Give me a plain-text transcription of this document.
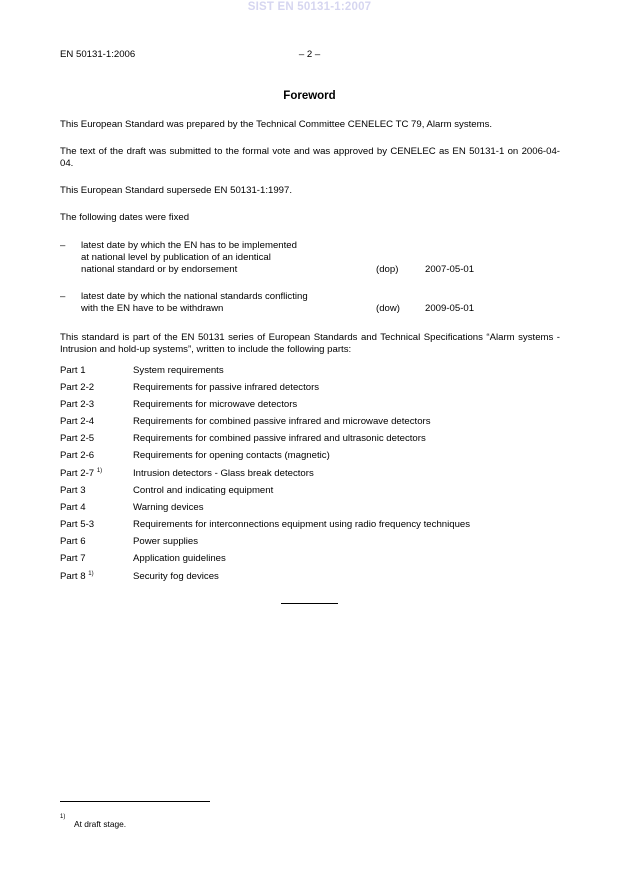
SIST EN 50131-1:2007
EN 50131-1:2006	– 2 –
Foreword
This European Standard was prepared by the Technical Committee CENELEC TC 79, Alarm systems.
The text of the draft was submitted to the formal vote and was approved by CENELEC as EN 50131-1 on 2006-04-04.
This European Standard supersede EN 50131-1:1997.
The following dates were fixed
– latest date by which the EN has to be implemented
at national level by publication of an identical
national standard or by endorsement	(dop)	2007-05-01
– latest date by which the national standards conflicting
with the EN have to be withdrawn	(dow)	2009-05-01
This standard is part of the EN 50131 series of European Standards and Technical Specifications “Alarm systems - Intrusion and hold-up systems”, written to include the following parts:
Part 1	System requirements
Part 2-2	Requirements for passive infrared detectors
Part 2-3	Requirements for microwave detectors
Part 2-4	Requirements for combined passive infrared and microwave detectors
Part 2-5	Requirements for combined passive infrared and ultrasonic detectors
Part 2-6	Requirements for opening contacts (magnetic)
Part 2-7 $^{1)}$	Intrusion detectors - Glass break detectors
Part 3	Control and indicating equipment
Part 4	Warning devices
Part 5-3	Requirements for interconnections equipment using radio frequency techniques
Part 6	Power supplies
Part 7	Application guidelines
Part 8 $^{1)}$	Security fog devices
1)
At draft stage.
